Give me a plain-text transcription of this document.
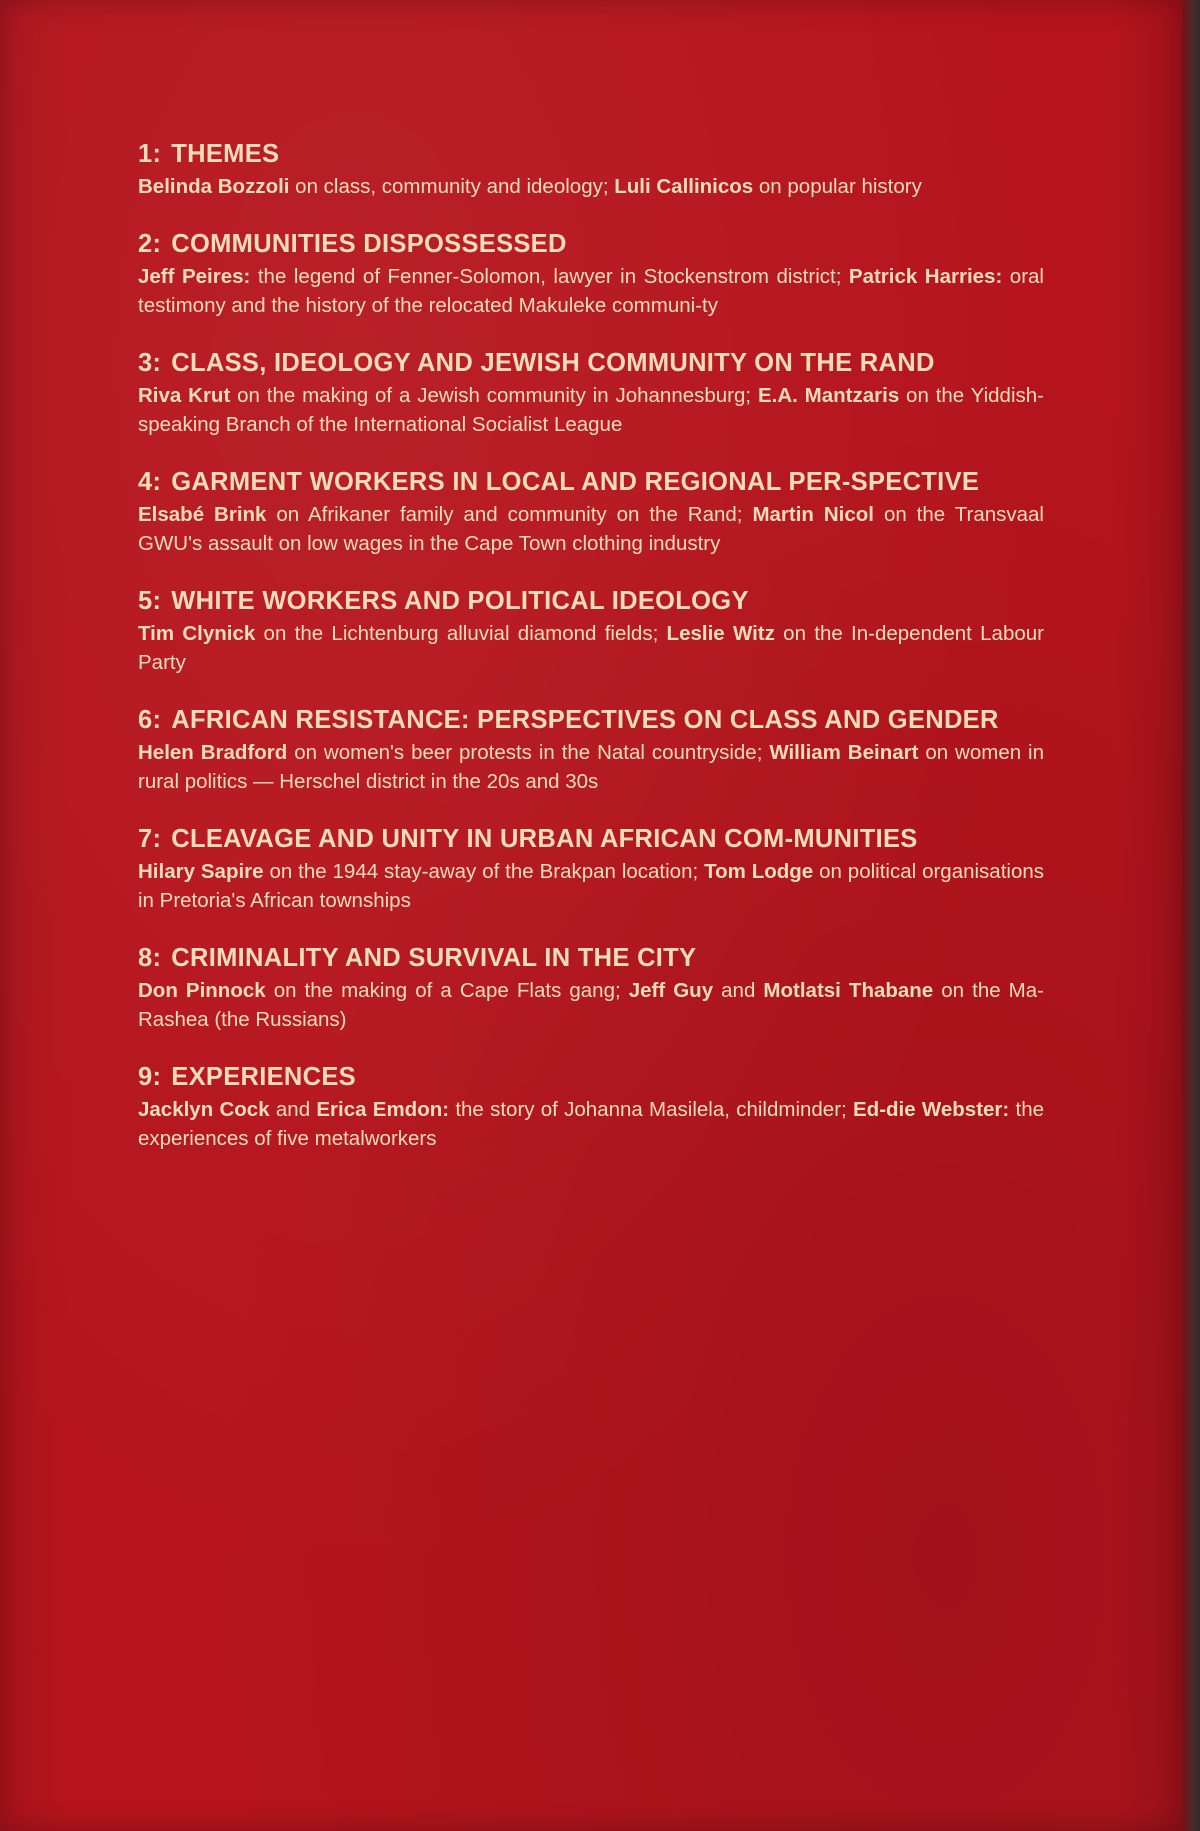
1: THEMES
Belinda Bozzoli on class, community and ideology; Luli Callinicos on popular history
2: COMMUNITIES DISPOSSESSED
Jeff Peires: the legend of Fenner-Solomon, lawyer in Stockenstrom district; Patrick Harries: oral testimony and the history of the relocated Makuleke communi-ty
3: CLASS, IDEOLOGY AND JEWISH COMMUNITY ON THE RAND
Riva Krut on the making of a Jewish community in Johannesburg; E.A. Mantzaris on the Yiddish-speaking Branch of the International Socialist League
4: GARMENT WORKERS IN LOCAL AND REGIONAL PER-SPECTIVE
Elsabé Brink on Afrikaner family and community on the Rand; Martin Nicol on the Transvaal GWU's assault on low wages in the Cape Town clothing industry
5: WHITE WORKERS AND POLITICAL IDEOLOGY
Tim Clynick on the Lichtenburg alluvial diamond fields; Leslie Witz on the In-dependent Labour Party
6: AFRICAN RESISTANCE: PERSPECTIVES ON CLASS AND GENDER
Helen Bradford on women's beer protests in the Natal countryside; William Beinart on women in rural politics — Herschel district in the 20s and 30s
7: CLEAVAGE AND UNITY IN URBAN AFRICAN COM-MUNITIES
Hilary Sapire on the 1944 stay-away of the Brakpan location; Tom Lodge on political organisations in Pretoria's African townships
8: CRIMINALITY AND SURVIVAL IN THE CITY
Don Pinnock on the making of a Cape Flats gang; Jeff Guy and Motlatsi Thabane on the Ma-Rashea (the Russians)
9: EXPERIENCES
Jacklyn Cock and Erica Emdon: the story of Johanna Masilela, childminder; Ed-die Webster: the experiences of five metalworkers
